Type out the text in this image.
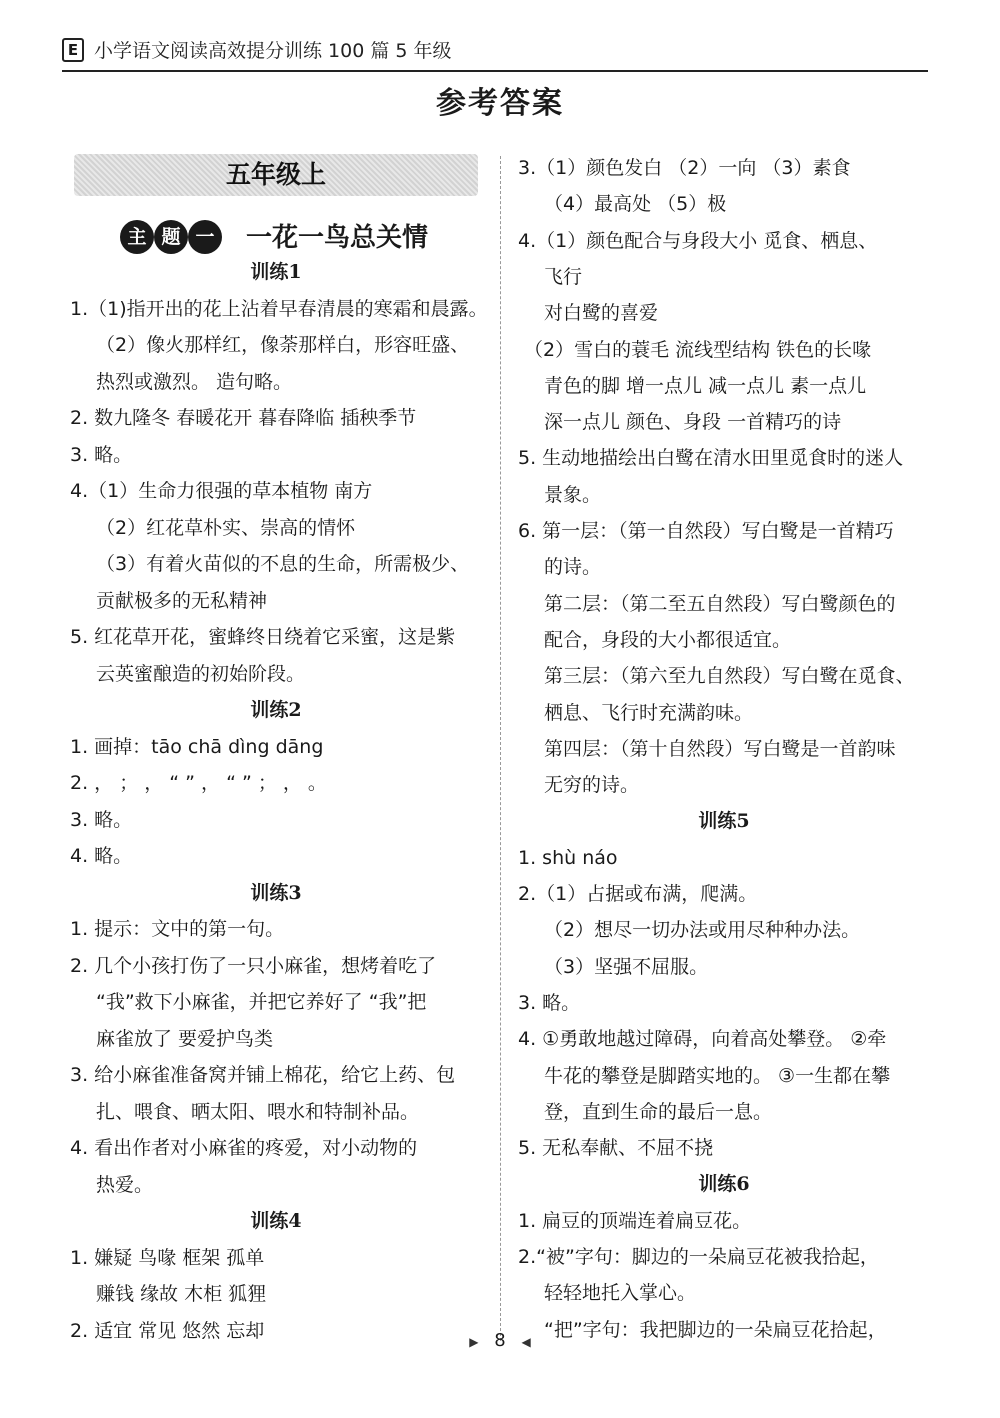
E 小学语文阅读高效提分训练 100 篇 5 年级
参考答案
五年级上
主 题 一 一花一鸟总关情
训练1
1.（1)指开出的花上沾着早春清晨的寒霜和晨露。
（2）像火那样红，像荼那样白，形容旺盛、
热烈或激烈。 造句略。
2. 数九隆冬 春暖花开 暮春降临 插秧季节
3. 略。
4.（1）生命力很强的草本植物 南方
（2）红花草朴实、崇高的情怀
（3）有着火苗似的不息的生命，所需极少、
贡献极多的无私精神
5. 红花草开花，蜜蜂终日绕着它采蜜，这是紫
云英蜜酿造的初始阶段。
训练2
1. 画掉：tāo chā dìng dāng
2. ， ； ， “ ” ， “ ” ； ， 。
3. 略。
4. 略。
训练3
1. 提示：文中的第一句。
2. 几个小孩打伤了一只小麻雀，想烤着吃了
“我”救下小麻雀，并把它养好了 “我”把
麻雀放了 要爱护鸟类
3. 给小麻雀准备窝并铺上棉花，给它上药、包
扎、喂食、晒太阳、喂水和特制补品。
4. 看出作者对小麻雀的疼爱，对小动物的
热爱。
训练4
1. 嫌疑 鸟喙 框架 孤单
赚钱 缘故 木柜 狐狸
2. 适宜 常见 悠然 忘却
3.（1）颜色发白 （2）一向 （3）素食
（4）最高处 （5）极
4.（1）颜色配合与身段大小 觅食、栖息、
飞行
对白鹭的喜爱
（2）雪白的蓑毛 流线型结构 铁色的长喙
青色的脚 增一点儿 减一点儿 素一点儿
深一点儿 颜色、身段 一首精巧的诗
5. 生动地描绘出白鹭在清水田里觅食时的迷人
景象。
6. 第一层：（第一自然段）写白鹭是一首精巧
的诗。
第二层：（第二至五自然段）写白鹭颜色的
配合，身段的大小都很适宜。
第三层：（第六至九自然段）写白鹭在觅食、
栖息、飞行时充满韵味。
第四层：（第十自然段）写白鹭是一首韵味
无穷的诗。
训练5
1. shù náo
2.（1）占据或布满，爬满。
（2）想尽一切办法或用尽种种办法。
（3）坚强不屈服。
3. 略。
4. ①勇敢地越过障碍，向着高处攀登。 ②牵
牛花的攀登是脚踏实地的。 ③一生都在攀
登，直到生命的最后一息。
5. 无私奉献、不屈不挠
训练6
1. 扁豆的顶端连着扁豆花。
2.“被”字句：脚边的一朵扁豆花被我拾起，
轻轻地托入掌心。
“把”字句：我把脚边的一朵扁豆花拾起，
▶ 8 ◀
